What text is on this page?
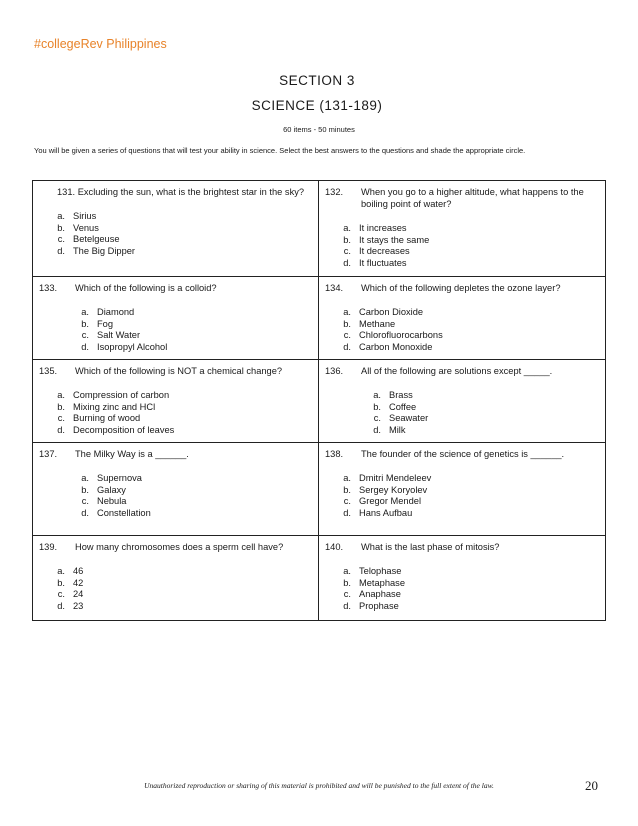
#collegeRev Philippines
SECTION 3
SCIENCE (131-189)
60 items - 50 minutes
You will be given a series of questions that will test your ability in science. Select the best answers to the questions and shade the appropriate circle.
131. Excluding the sun, what is the brightest star in the sky?
a. Sirius
b. Venus
c. Betelgeuse
d. The Big Dipper
132.	When you go to a higher altitude, what happens to the boiling point of water?
a. It increases
b. It stays the same
c. It decreases
d. It fluctuates
133.	Which of the following is a colloid?
a. Diamond
b. Fog
c. Salt Water
d. Isopropyl Alcohol
134.	Which of the following depletes the ozone layer?
a. Carbon Dioxide
b. Methane
c. Chlorofluorocarbons
d. Carbon Monoxide
135.	Which of the following is NOT a chemical change?
a. Compression of carbon
b. Mixing zinc and HCl
c. Burning of wood
d. Decomposition of leaves
136.	All of the following are solutions except _____.
a. Brass
b. Coffee
c. Seawater
d. Milk
137.	The Milky Way is a ______.
a. Supernova
b. Galaxy
c. Nebula
d. Constellation
138.	The founder of the science of genetics is ______.
a. Dmitri Mendeleev
b. Sergey Koryolev
c. Gregor Mendel
d. Hans Aufbau
139.	How many chromosomes does a sperm cell have?
a. 46
b. 42
c. 24
d. 23
140.	What is the last phase of mitosis?
a. Telophase
b. Metaphase
c. Anaphase
d. Prophase
Unauthorized reproduction or sharing of this material is prohibited and will be punished to the full extent of the law.	20
